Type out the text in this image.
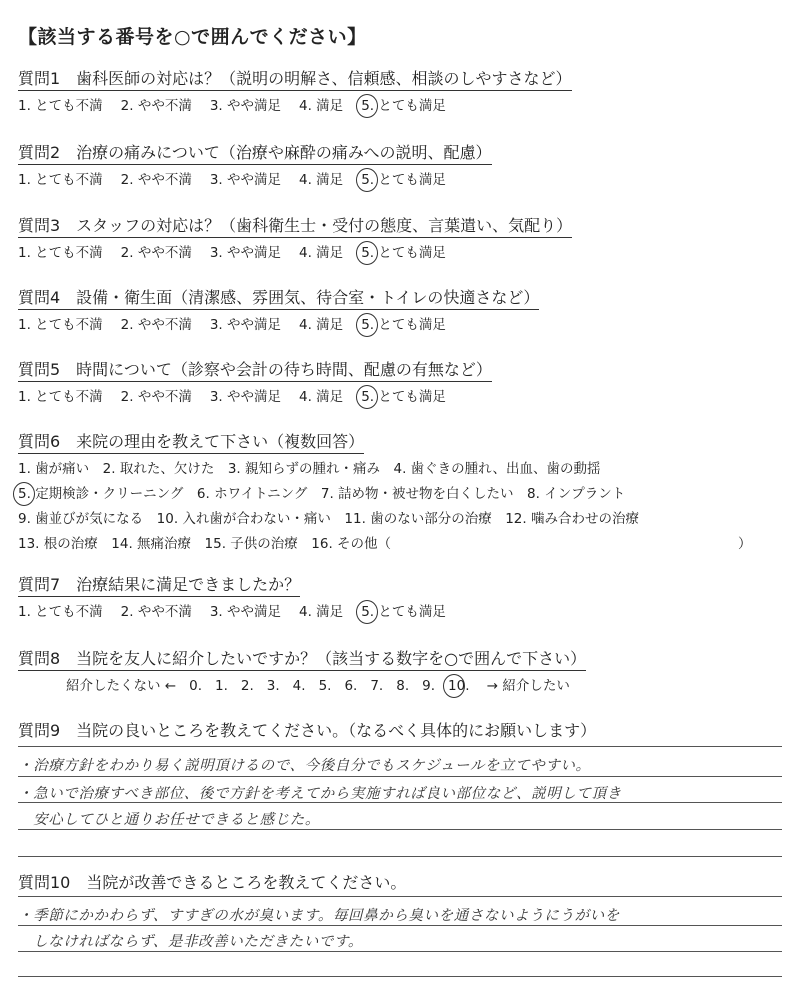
【該当する番号を○で囲んでください】
質問1　歯科医師の対応は？（説明の明解さ、信頼感、相談のしやすさなど）
1. とても不満 2. やや不満 3. やや満足 4. 満足 5. とても満足
質問2　治療の痛みについて（治療や麻酔の痛みへの説明、配慮）
1. とても不満 2. やや不満 3. やや満足 4. 満足 5. とても満足
質問3　スタッフの対応は？（歯科衛生士・受付の態度、言葉遣い、気配り）
1. とても不満 2. やや不満 3. やや満足 4. 満足 5. とても満足
質問4　設備・衛生面（清潔感、雰囲気、待合室・トイレの快適さなど）
1. とても不満 2. やや不満 3. やや満足 4. 満足 5. とても満足
質問5　時間について（診察や会計の待ち時間、配慮の有無など）
1. とても不満 2. やや不満 3. やや満足 4. 満足 5. とても満足
質問6　来院の理由を教えて下さい（複数回答）
1. 歯が痛い　2. 取れた、欠けた　3. 親知らずの腫れ・痛み　4. 歯ぐきの腫れ、出血、歯の動揺
5. 定期検診・クリーニング　6. ホワイトニング　7. 詰め物・被せ物を白くしたい　8. インプラント
9. 歯並びが気になる　10. 入れ歯が合わない・痛い　11. 歯のない部分の治療　12. 噛み合わせの治療
13. 根の治療　14. 無痛治療　15. 子供の治療　16. その他（	）
質問7　治療結果に満足できましたか？
1. とても不満 2. やや不満 3. やや満足 4. 満足 5. とても満足
質問8　当院を友人に紹介したいですか？（該当する数字を○で囲んで下さい）
紹介したくない ← 0. 1. 2. 3. 4. 5. 6. 7. 8. 9. 10. → 紹介したい
質問9　当院の良いところを教えてください。（なるべく具体的にお願いします）
・治療方針をわかり易く説明頂けるので、今後自分でもスケジュールを立てやすい。
・急いで治療すべき部位、後で方針を考えてから実施すれば良い部位など、説明して頂き
　安心してひと通りお任せできると感じた。
質問10　当院が改善できるところを教えてください。
・季節にかかわらず、すすぎの水が臭います。毎回鼻から臭いを通さないようにうがいを
　しなければならず、是非改善いただきたいです。
